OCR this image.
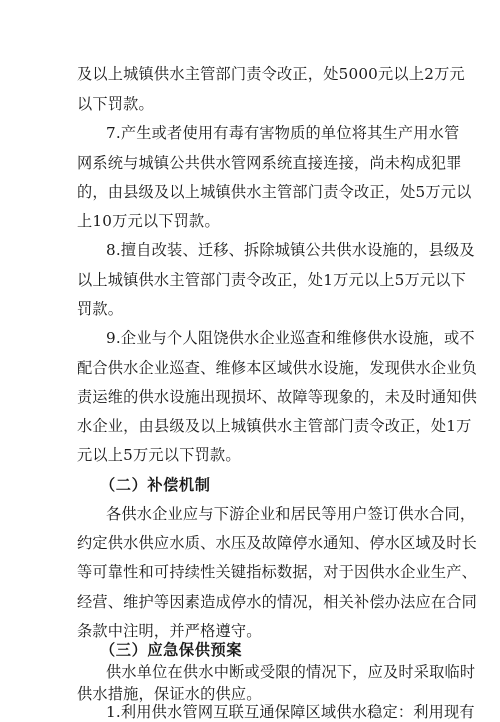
及以上城镇供水主管部门责令改正，处5000元以上2万元
以下罚款。
7.产生或者使用有毒有害物质的单位将其生产用水管
网系统与城镇公共供水管网系统直接连接，尚未构成犯罪
的，由县级及以上城镇供水主管部门责令改正，处5万元以
上10万元以下罚款。
8.擅自改装、迁移、拆除城镇公共供水设施的，县级及
以上城镇供水主管部门责令改正，处1万元以上5万元以下
罚款。
9.企业与个人阻饶供水企业巡查和维修供水设施，或不
配合供水企业巡查、维修本区域供水设施，发现供水企业负
责运维的供水设施出现损坏、故障等现象的，未及时通知供
水企业，由县级及以上城镇供水主管部门责令改正，处1万
元以上5万元以下罚款。
（二）补偿机制
各供水企业应与下游企业和居民等用户签订供水合同，
约定供水供应水质、水压及故障停水通知、停水区域及时长
等可靠性和可持续性关键指标数据，对于因供水企业生产、
经营、维护等因素造成停水的情况，相关补偿办法应在合同
条款中注明，并严格遵守。
（三）应急保供预案
供水单位在供水中断或受限的情况下，应及时采取临时
供水措施，保证水的供应。
1.利用供水管网互联互通保障区域供水稳定：利用现有
